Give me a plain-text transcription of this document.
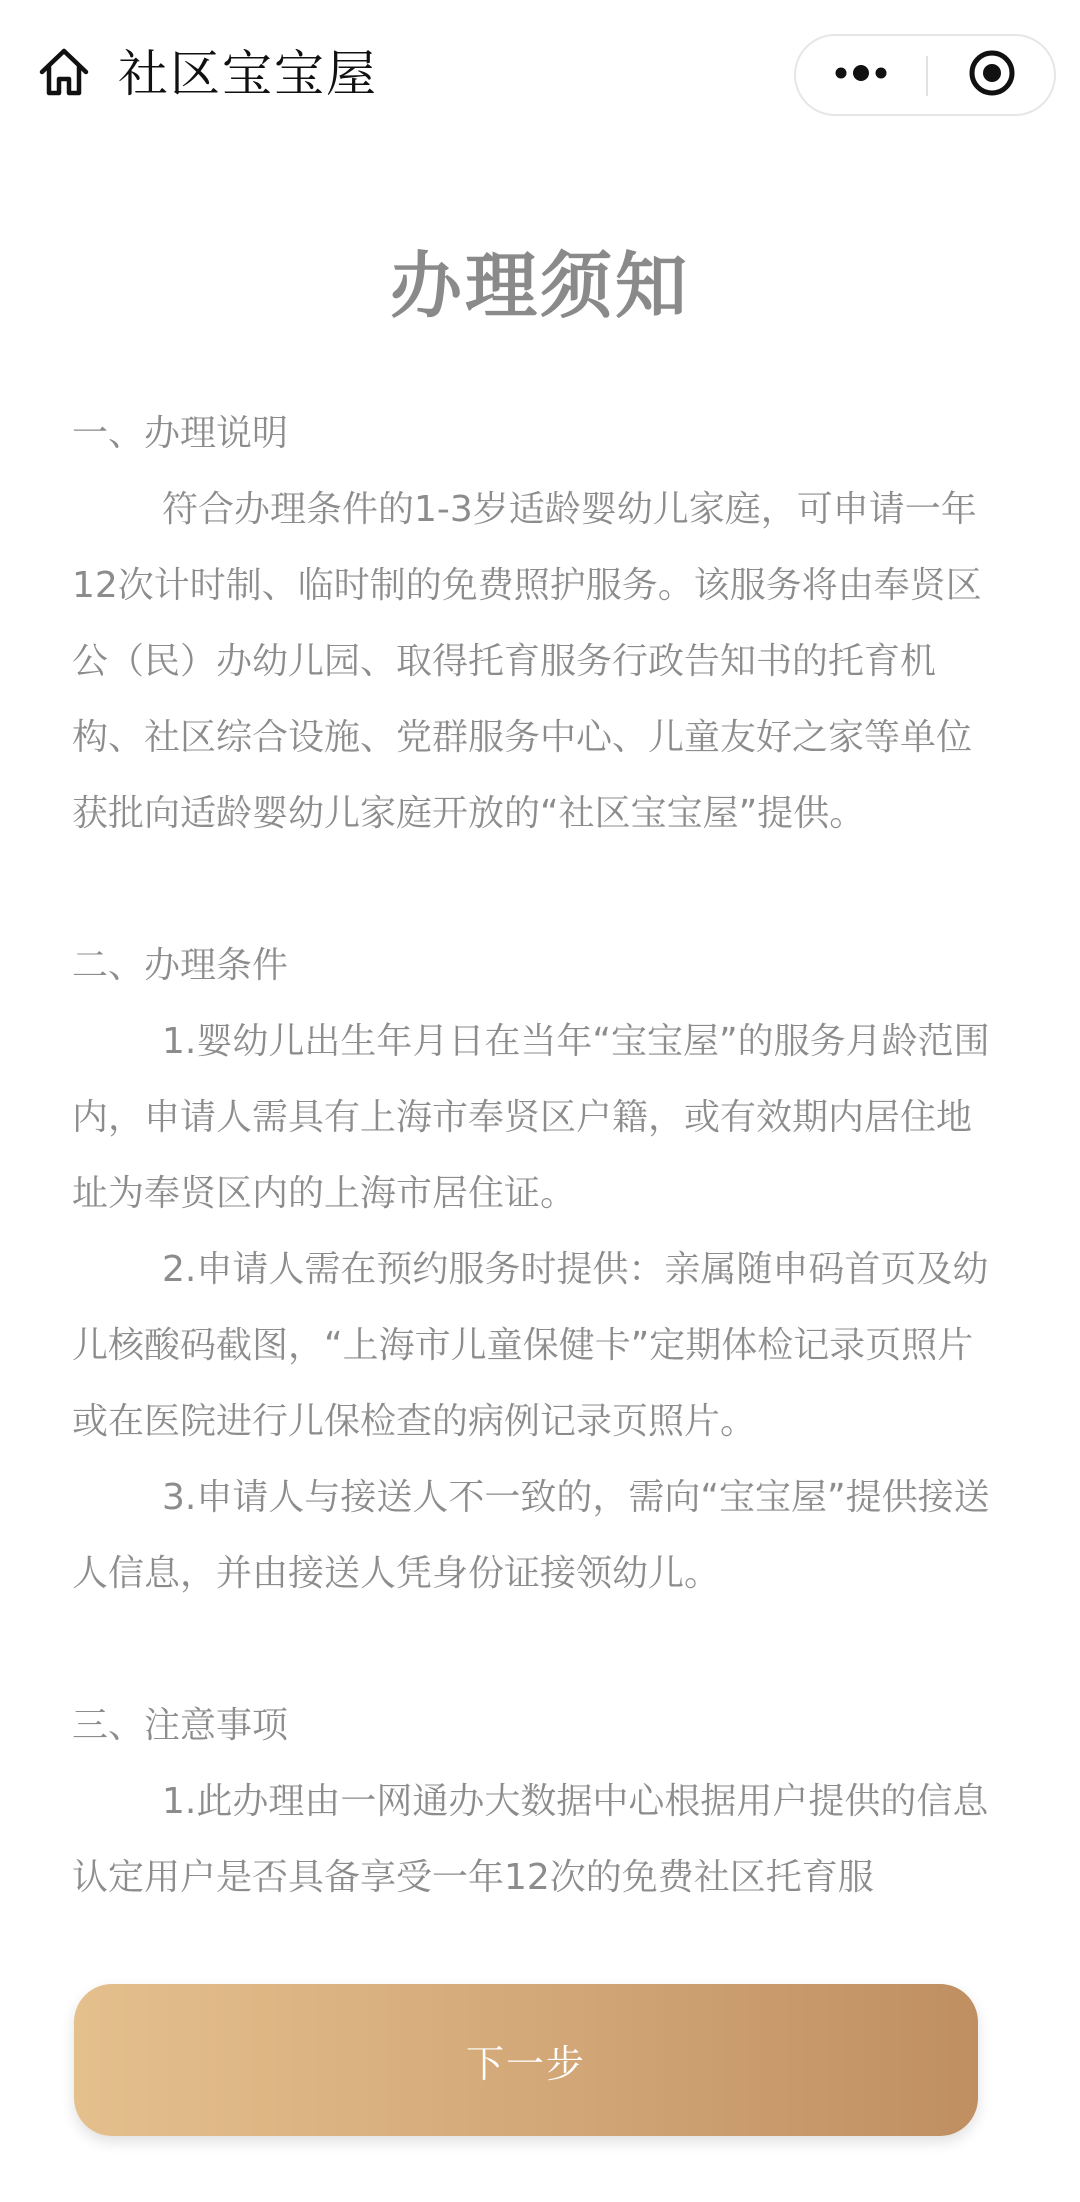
社区宝宝屋
办理须知
一、办理说明
符合办理条件的1-3岁适龄婴幼儿家庭，可申请一年12次计时制、临时制的免费照护服务。该服务将由奉贤区公（民）办幼儿园、取得托育服务行政告知书的托育机构、社区综合设施、党群服务中心、儿童友好之家等单位获批向适龄婴幼儿家庭开放的“社区宝宝屋”提供。
二、办理条件
1.婴幼儿出生年月日在当年“宝宝屋”的服务月龄范围内，申请人需具有上海市奉贤区户籍，或有效期内居住地址为奉贤区内的上海市居住证。
2.申请人需在预约服务时提供：亲属随申码首页及幼儿核酸码截图，“上海市儿童保健卡”定期体检记录页照片或在医院进行儿保检查的病例记录页照片。
3.申请人与接送人不一致的，需向“宝宝屋”提供接送人信息，并由接送人凭身份证接领幼儿。
三、注意事项
1.此办理由一网通办大数据中心根据用户提供的信息认定用户是否具备享受一年12次的免费社区托育服
下一步
